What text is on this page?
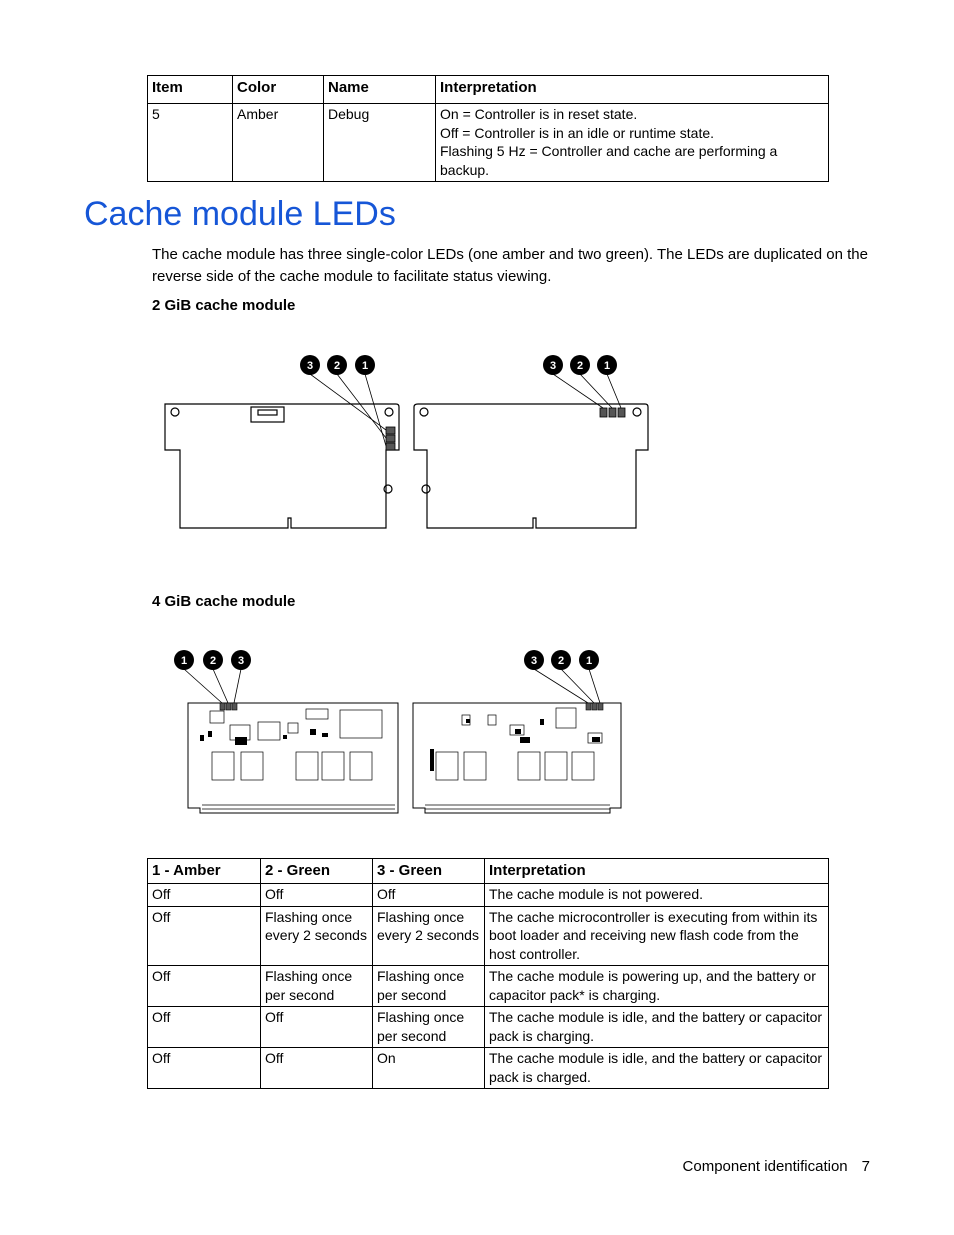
Item	Color	Name	Interpretation
5	Amber	Debug	On = Controller is in reset state.
Off = Controller is in an idle or runtime state.
Flashing 5 Hz = Controller and cache are performing a backup.
Cache module LEDs

The cache module has three single-color LEDs (one amber and two green). The LEDs are duplicated on the reverse side of the cache module to facilitate status viewing.

2 GiB cache module

3 2 1	3 2 1

4 GiB cache module

1 2 3	3 2 1
1 - Amber	2 - Green	3 - Green	Interpretation
Off	Off	Off	The cache module is not powered.
Off	Flashing once every 2 seconds	Flashing once every 2 seconds	The cache microcontroller is executing from within its boot loader and receiving new flash code from the host controller.
Off	Flashing once per second	Flashing once per second	The cache module is powering up, and the battery or capacitor pack* is charging.
Off	Off	Flashing once per second	The cache module is idle, and the battery or capacitor pack is charging.
Off	Off	On	The cache module is idle, and the battery or capacitor pack is charged.
Component identification 7
